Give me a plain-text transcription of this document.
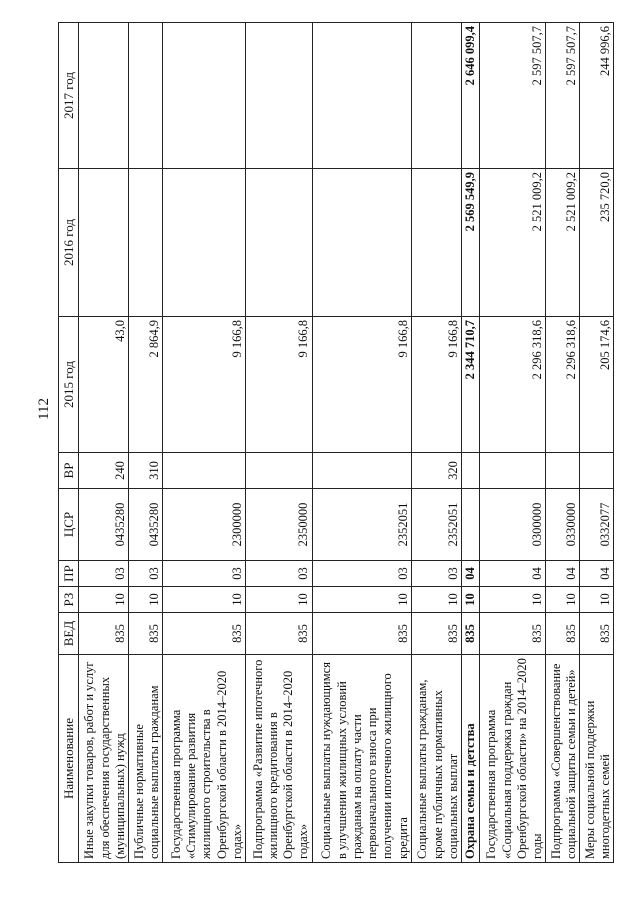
112
Наименование	ВЕД	РЗ	ПР	ЦСР	ВР	2015 год	2016 год	2017 год
Иные закупки товаров, работ и услуг для обеспечения государственных (муниципальных) нужд	835	10	03	0435280	240	43,0		
Публичные нормативные социальные выплаты гражданам	835	10	03	0435280	310	2 864,9		
Государственная программа «Стимулирование развития жилищного строительства в Оренбургской области в 2014–2020 годах»	835	10	03	2300000		9 166,8		
Подпрограмма «Развитие ипотечного жилищного кредитования в Оренбургской области в 2014–2020 годах»	835	10	03	2350000		9 166,8		
Социальные выплаты нуждающимся в улучшении жилищных условий гражданам на оплату части первоначального взноса при получении ипотечного жилищного кредита	835	10	03	2352051		9 166,8		
Социальные выплаты гражданам, кроме публичных нормативных социальных выплат	835	10	03	2352051	320	9 166,8		
Охрана семьи и детства	835	10	04			2 344 710,7	2 569 549,9	2 646 099,4
Государственная программа «Социальная поддержка граждан Оренбургской области» на 2014–2020 годы	835	10	04	0300000		2 296 318,6	2 521 009,2	2 597 507,7
Подпрограмма «Совершенствование социальной защиты семьи и детей»	835	10	04	0330000		2 296 318,6	2 521 009,2	2 597 507,7
Меры социальной поддержки многодетных семей	835	10	04	0332077		205 174,6	235 720,0	244 996,6
